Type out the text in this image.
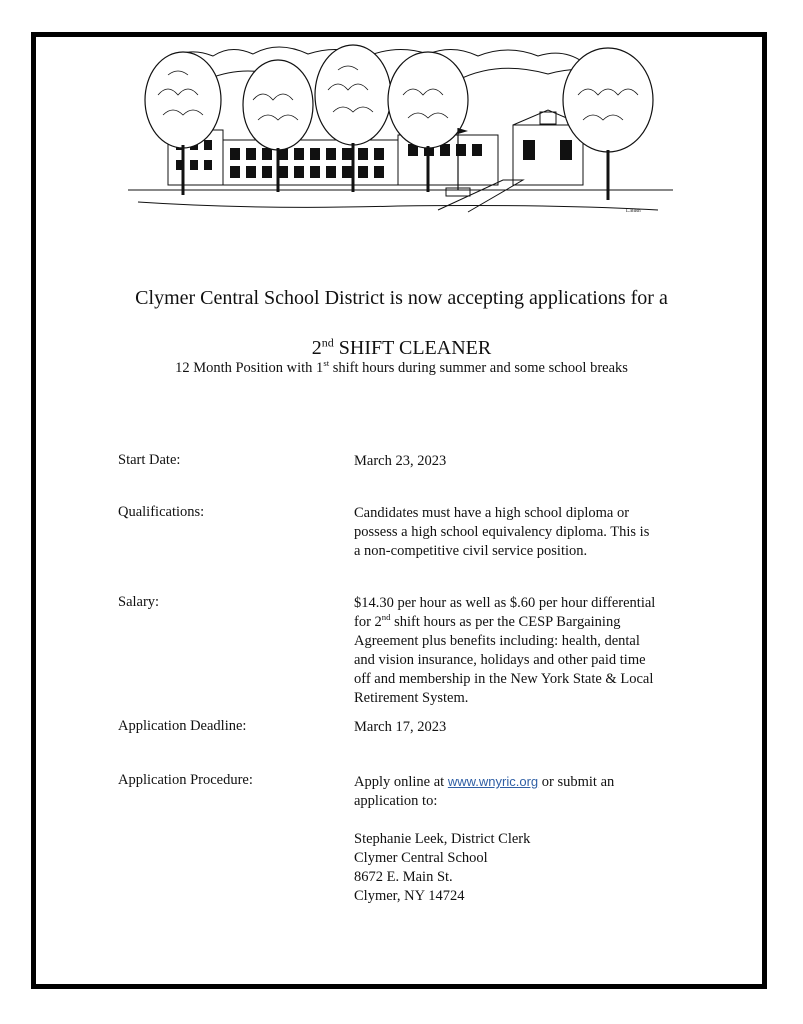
L.Bush
Clymer Central School District is now accepting applications for a
2nd SHIFT CLEANER
12 Month Position with 1st shift hours during summer and some school breaks
Start Date:	March 23, 2023
Qualifications:	Candidates must have a high school diploma or
possess a high school equivalency diploma. This is
a non-competitive civil service position.
Salary:	$14.30 per hour as well as $.60 per hour differential
for 2nd shift hours as per the CESP Bargaining
Agreement plus benefits including: health, dental
and vision insurance, holidays and other paid time
off and membership in the New York State & Local
Retirement System.
Application Deadline:	March 17, 2023
Application Procedure:	Apply online at www.wnyric.org or submit an
application to:
Stephanie Leek, District Clerk
Clymer Central School
8672 E. Main St.
Clymer, NY 14724
